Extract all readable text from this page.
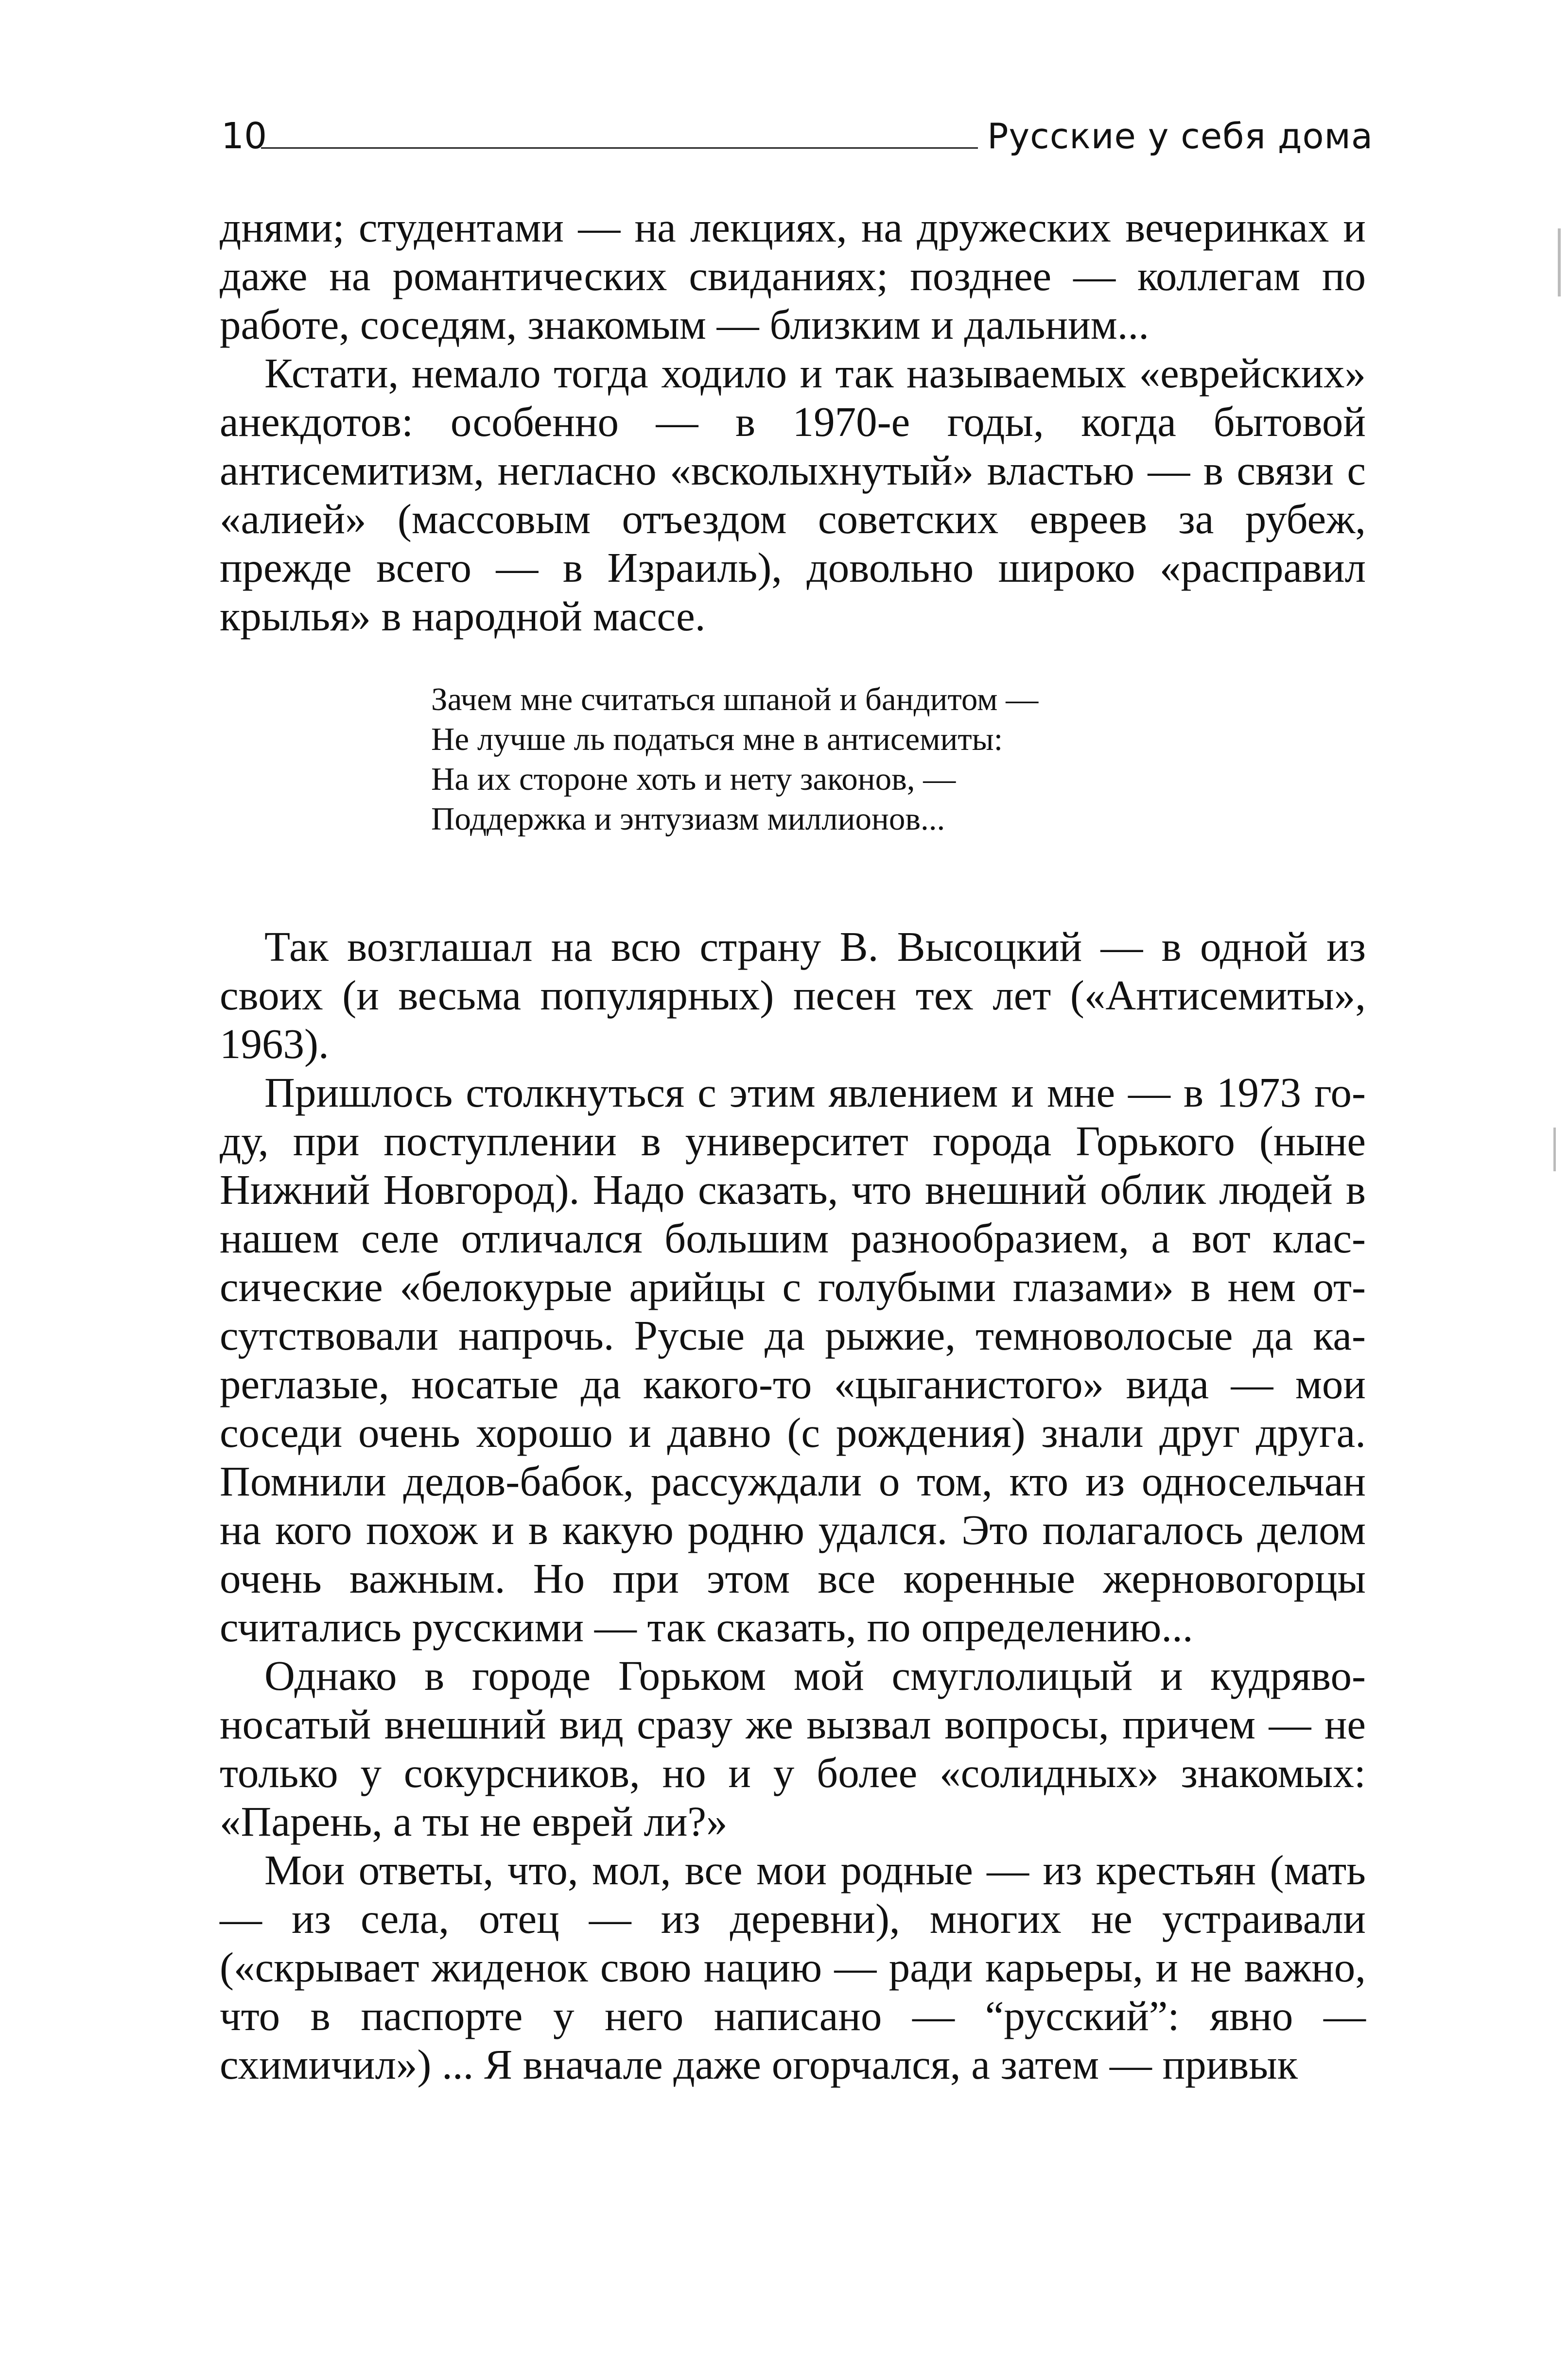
10	Русские у себя дома

днями; студентами — на лекциях, на дружеских вечеринках и даже на романтических свиданиях; позднее — коллегам по работе, соседям, знакомым — близким и дальним...

Кстати, немало тогда ходило и так называемых «еврейских» анекдотов: особенно — в 1970-е годы, когда бытовой антисемитизм, негласно «всколыхнутый» властью — в связи с «алией» (массовым отъездом советских евреев за рубеж, прежде всего — в Израиль), довольно широко «расправил крылья» в народной массе.

Зачем мне считаться шпаной и бандитом —
Не лучше ль податься мне в антисемиты:
На их стороне хоть и нету законов, —
Поддержка и энтузиазм миллионов...

Так возглашал на всю страну В. Высоцкий — в одной из своих (и весьма популярных) песен тех лет («Антисемиты», 1963).

Пришлось столкнуться с этим явлением и мне — в 1973 году, при поступлении в университет города Горького (ныне Нижний Новгород). Надо сказать, что внешний облик людей в нашем селе отличался большим разнообразием, а вот классические «белокурые арийцы с голубыми глазами» в нем отсутствовали напрочь. Русые да рыжие, темноволосые да кареглазые, носатые да какого-то «цыганистого» вида — мои соседи очень хорошо и давно (с рождения) знали друг друга. Помнили дедов-бабок, рассуждали о том, кто из односельчан на кого похож и в какую родню удался. Это полагалось делом очень важным. Но при этом все коренные жерновогорцы считались русскими — так сказать, по определению...

Однако в городе Горьком мой смуглолицый и кудрявоносатый внешний вид сразу же вызвал вопросы, причем — не только у сокурсников, но и у более «солидных» знакомых: «Парень, а ты не еврей ли?»

Мои ответы, что, мол, все мои родные — из крестьян (мать — из села, отец — из деревни), многих не устраивали («скрывает жиденок свою нацию — ради карьеры, и не важно, что в паспорте у него написано — “русский”: явно — схимичил») ... Я вначале даже огорчался, а затем — привык
